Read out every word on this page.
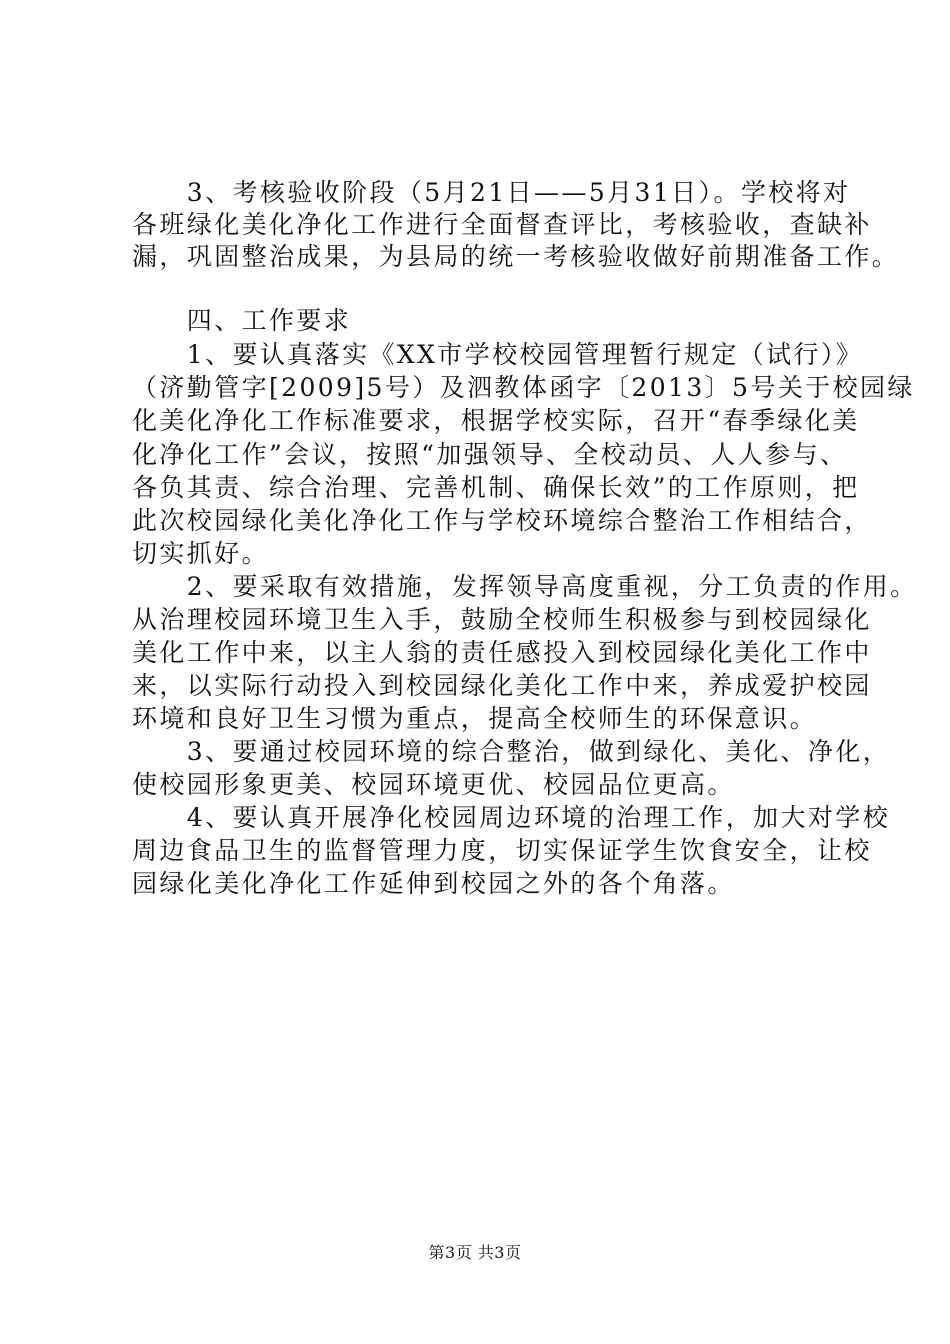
　　3、考核验收阶段（5月21日——5月31日）。学校将对
各班绿化美化净化工作进行全面督查评比，考核验收，查缺补
漏，巩固整治成果，为县局的统一考核验收做好前期准备工作。
　　四、工作要求
　　1、要认真落实《XX市学校校园管理暂行规定（试行）》
（济勤管字[2009]5号）及泗教体函字〔2013〕5号关于校园绿
化美化净化工作标准要求，根据学校实际，召开“春季绿化美
化净化工作”会议，按照“加强领导、全校动员、人人参与、
各负其责、综合治理、完善机制、确保长效”的工作原则，把
此次校园绿化美化净化工作与学校环境综合整治工作相结合，
切实抓好。
　　2、要采取有效措施，发挥领导高度重视，分工负责的作用。
从治理校园环境卫生入手，鼓励全校师生积极参与到校园绿化
美化工作中来，以主人翁的责任感投入到校园绿化美化工作中
来，以实际行动投入到校园绿化美化工作中来，养成爱护校园
环境和良好卫生习惯为重点，提高全校师生的环保意识。
　　3、要通过校园环境的综合整治，做到绿化、美化、净化，
使校园形象更美、校园环境更优、校园品位更高。
　　4、要认真开展净化校园周边环境的治理工作，加大对学校
周边食品卫生的监督管理力度，切实保证学生饮食安全，让校
园绿化美化净化工作延伸到校园之外的各个角落。
第3页 共3页
